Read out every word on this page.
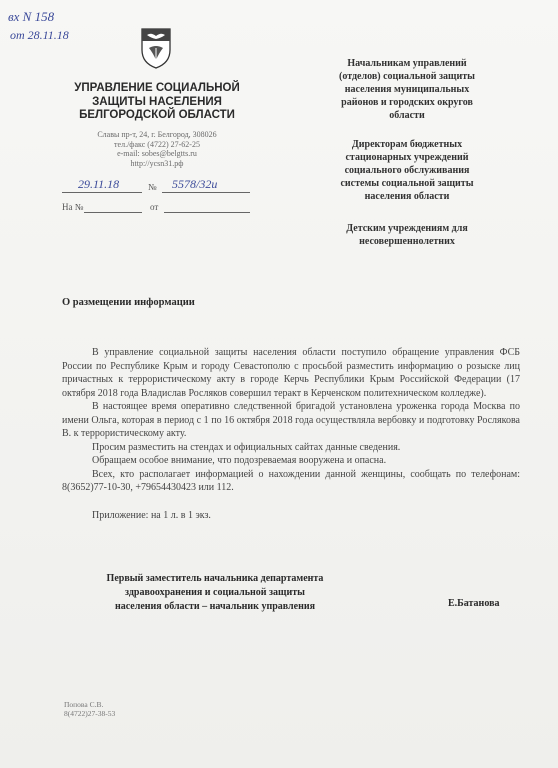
вх N 158
от 28.11.18
УПРАВЛЕНИЕ СОЦИАЛЬНОЙ
ЗАЩИТЫ НАСЕЛЕНИЯ
БЕЛГОРОДСКОЙ ОБЛАСТИ
Славы пр-т, 24, г. Белгород, 308026
тел./факс (4722) 27-62-25
e-mail: sobes@belgtts.ru
http://ycsn31.рф
29.11.18	№ 5578/32и
На №	от
Начальникам управлений
(отделов) социальной защиты
населения муниципальных
районов и городских округов
области
Директорам бюджетных
стационарных учреждений
социального обслуживания
системы социальной защиты
населения области
Детским учреждениям для
несовершеннолетних
О размещении информации

В управление социальной защиты населения области поступило обращение управления ФСБ России по Республике Крым и городу Севастополю с просьбой разместить информацию о розыске лиц причастных к террористическому акту в городе Керчь Республики Крым Российской Федерации (17 октября 2018 года Владислав Росляков совершил теракт в Керченском политехническом колледже).

В настоящее время оперативно следственной бригадой установлена уроженка города Москва по имени Ольга, которая в период с 1 по 16 октября 2018 года осуществляла вербовку и подготовку Рослякова В. к террористическому акту.

Просим разместить на стендах и официальных сайтах данные сведения.

Обращаем особое внимание, что подозреваемая вооружена и опасна.

Всех, кто располагает информацией о нахождении данной женщины, сообщать по телефонам: 8(3652)77-10-30, +79654430423 или 112.

Приложение: на 1 л. в 1 экз.

Первый заместитель начальника департамента
здравоохранения и социальной защиты
населения области – начальник управления	Е.Батанова
Попова С.В.
8(4722)27-38-53
